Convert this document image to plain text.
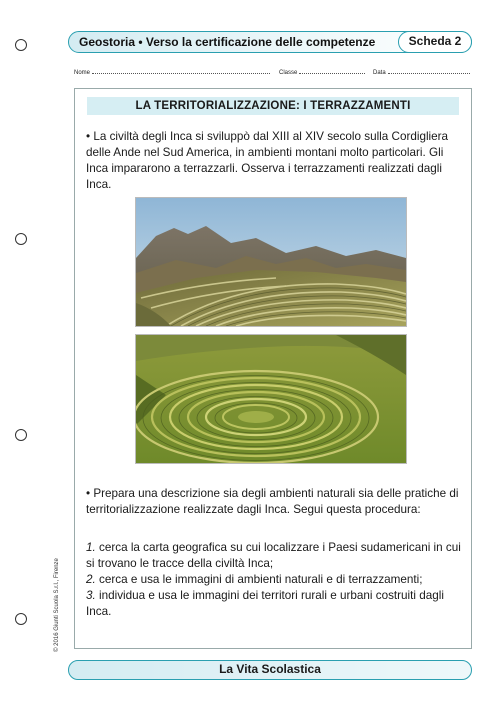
Geostoria • Verso la certificazione delle competenze	Scheda 2
Nome	Classe	Data
© 2016 Giunti Scuola S.r.l., Firenze
LA TERRITORIALIZZAZIONE: I TERRAZZAMENTI
• La civiltà degli Inca si sviluppò dal XIII al XIV secolo sulla Cordigliera delle Ande nel Sud America, in ambienti montani molto particolari. Gli Inca impararono a terrazzarli. Osserva i terrazzamenti realizzati dagli Inca.
• Prepara una descrizione sia degli ambienti naturali sia delle pratiche di territorializzazione realizzate dagli Inca. Segui questa procedura:

1. cerca la carta geografica su cui localizzare i Paesi sudamericani in cui si trovano le tracce della civiltà Inca;

2. cerca e usa le immagini di ambienti naturali e di terrazzamenti;

3. individua e usa le immagini dei territori rurali e urbani costruiti dagli Inca.

La Vita Scolastica
